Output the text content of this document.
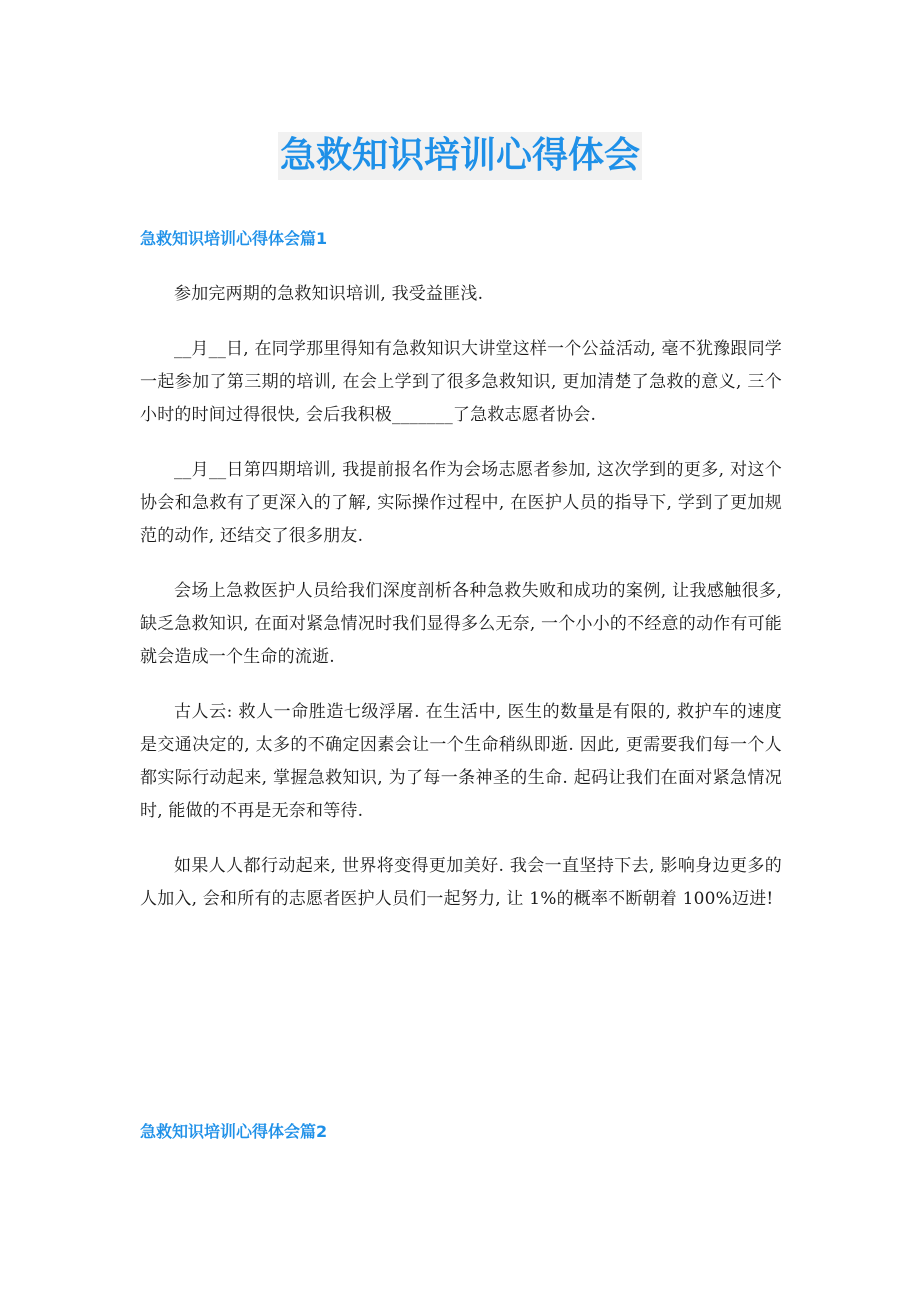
急救知识培训心得体会
急救知识培训心得体会篇1

参加完两期的急救知识培训, 我受益匪浅.

__月__日, 在同学那里得知有急救知识大讲堂这样一个公益活动, 毫不犹豫跟同学一起参加了第三期的培训, 在会上学到了很多急救知识, 更加清楚了急救的意义, 三个小时的时间过得很快, 会后我积极_______了急救志愿者协会.

__月__日第四期培训, 我提前报名作为会场志愿者参加, 这次学到的更多, 对这个协会和急救有了更深入的了解, 实际操作过程中, 在医护人员的指导下, 学到了更加规范的动作, 还结交了很多朋友.

会场上急救医护人员给我们深度剖析各种急救失败和成功的案例, 让我感触很多, 缺乏急救知识, 在面对紧急情况时我们显得多么无奈, 一个小小的不经意的动作有可能就会造成一个生命的流逝.

古人云: 救人一命胜造七级浮屠. 在生活中, 医生的数量是有限的, 救护车的速度是交通决定的, 太多的不确定因素会让一个生命稍纵即逝. 因此, 更需要我们每一个人都实际行动起来, 掌握急救知识, 为了每一条神圣的生命. 起码让我们在面对紧急情况时, 能做的不再是无奈和等待.

如果人人都行动起来, 世界将变得更加美好. 我会一直坚持下去, 影响身边更多的人加入, 会和所有的志愿者医护人员们一起努力, 让 1%的概率不断朝着 100%迈进!

急救知识培训心得体会篇2
